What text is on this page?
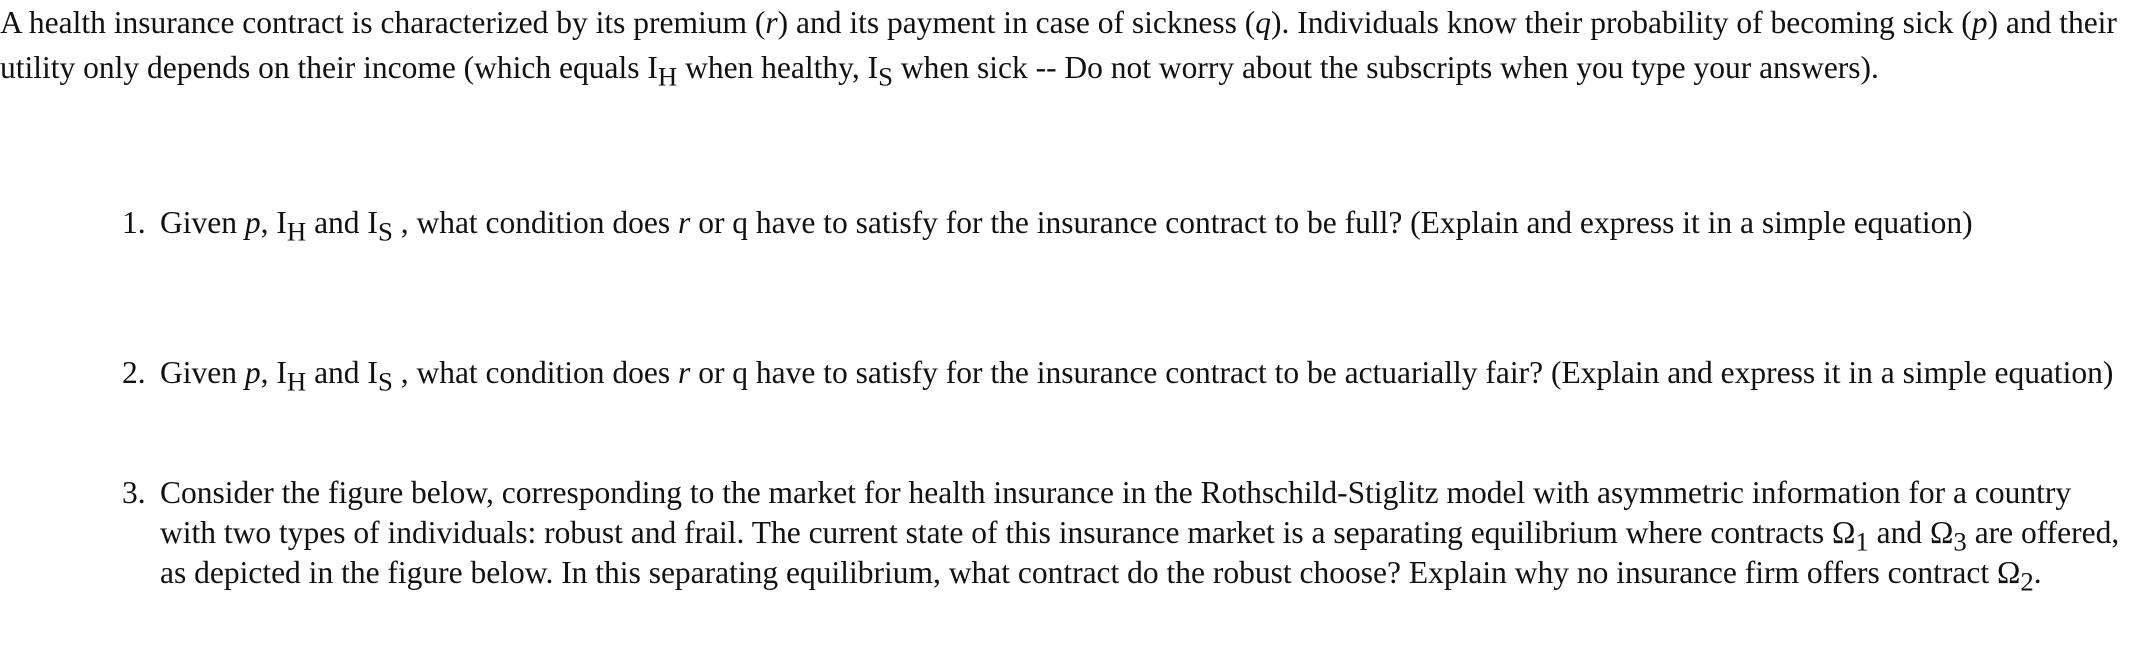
A health insurance contract is characterized by its premium (r) and its payment in case of sickness (q). Individuals know their probability of becoming sick (p) and their utility only depends on their income (which equals $I_H$ when healthy, $I_S$ when sick -- Do not worry about the subscripts when you type your answers).

1. Given p, $I_H$ and $I_S$ , what condition does r or q have to satisfy for the insurance contract to be full? (Explain and express it in a simple equation)
2. Given p, $I_H$ and $I_S$ , what condition does r or q have to satisfy for the insurance contract to be actuarially fair? (Explain and express it in a simple equation)
3. Consider the figure below, corresponding to the market for health insurance in the Rothschild-Stiglitz model with asymmetric information for a country with two types of individuals: robust and frail. The current state of this insurance market is a separating equilibrium where contracts $\Omega_1$ and $\Omega_3$ are offered, as depicted in the figure below. In this separating equilibrium, what contract do the robust choose? Explain why no insurance firm offers contract $\Omega_2$.
